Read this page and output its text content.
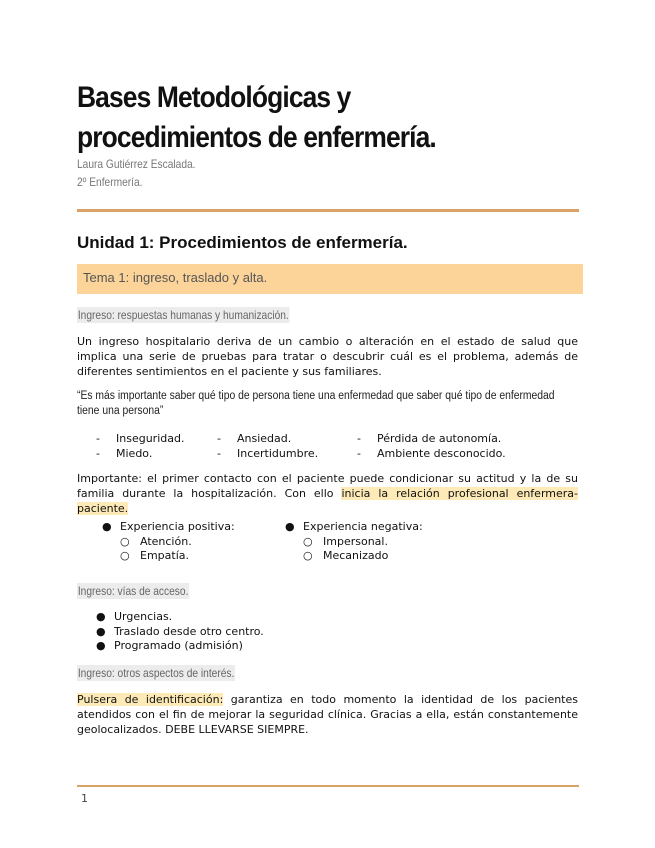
Bases Metodológicas y procedimientos de enfermería.
Laura Gutiérrez Escalada.
2º Enfermería.
Unidad 1: Procedimientos de enfermería.
Tema 1: ingreso, traslado y alta.
Ingreso: respuestas humanas y humanización.
Un ingreso hospitalario deriva de un cambio o alteración en el estado de salud que implica una serie de pruebas para tratar o descubrir cuál es el problema, además de diferentes sentimientos en el paciente y sus familiares.
“Es más importante saber qué tipo de persona tiene una enfermedad que saber qué tipo de enfermedad tiene una persona”
- Inseguridad.
- Miedo.
- Ansiedad.
- Incertidumbre.
- Pérdida de autonomía.
- Ambiente desconocido.
Importante: el primer contacto con el paciente puede condicionar su actitud y la de su familia durante la hospitalización. Con ello inicia la relación profesional enfermera-paciente.
● Experiencia positiva:
○ Atención.
○ Empatía.
● Experiencia negativa:
○ Impersonal.
○ Mecanizado
Ingreso: vías de acceso.
● Urgencias.
● Traslado desde otro centro.
● Programado (admisión)
Ingreso: otros aspectos de interés.
Pulsera de identificación: garantiza en todo momento la identidad de los pacientes atendidos con el fin de mejorar la seguridad clínica. Gracias a ella, están constantemente geolocalizados. DEBE LLEVARSE SIEMPRE.
1
